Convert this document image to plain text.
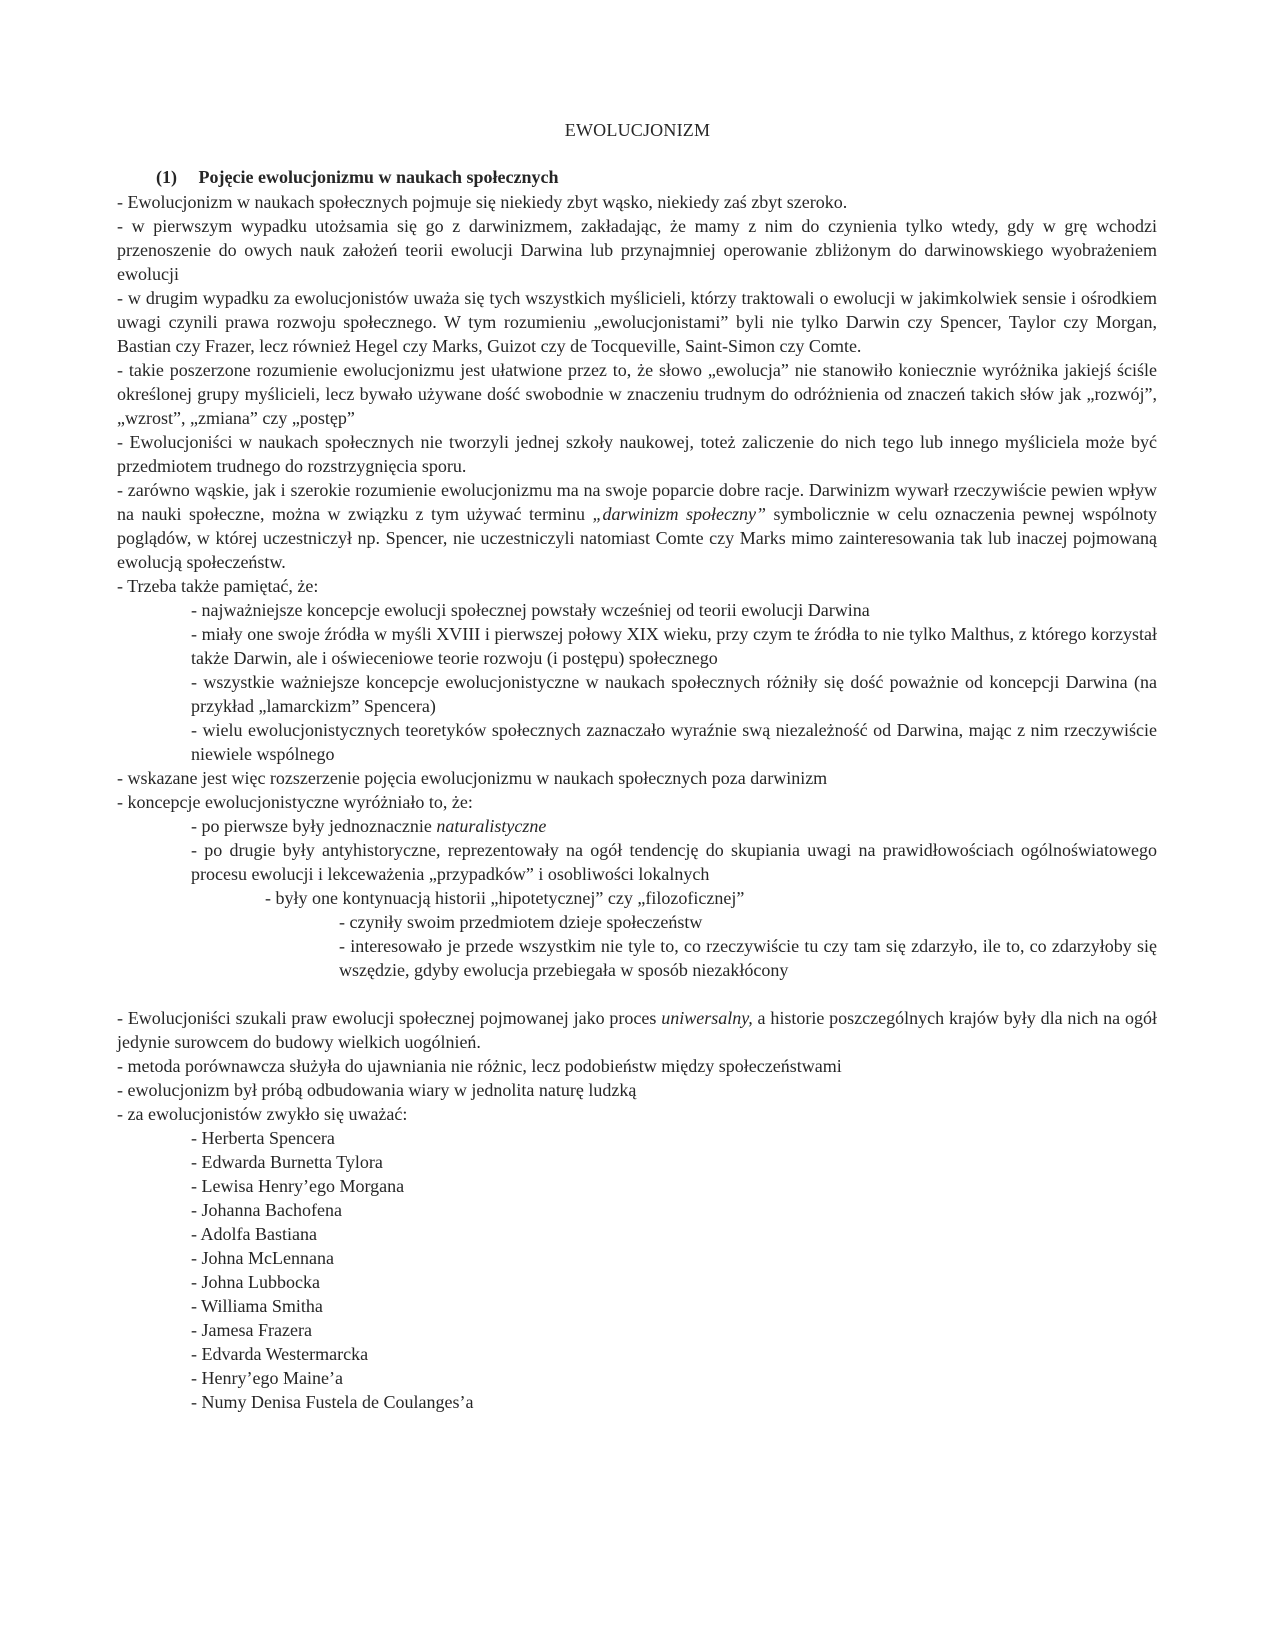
EWOLUCJONIZM
(1) Pojęcie ewolucjonizmu w naukach społecznych

- Ewolucjonizm w naukach społecznych pojmuje się niekiedy zbyt wąsko, niekiedy zaś zbyt szeroko.

- w pierwszym wypadku utożsamia się go z darwinizmem, zakładając, że mamy z nim do czynienia tylko wtedy, gdy w grę wchodzi przenoszenie do owych nauk założeń teorii ewolucji Darwina lub przynajmniej operowanie zbliżonym do darwinowskiego wyobrażeniem ewolucji

- w drugim wypadku za ewolucjonistów uważa się tych wszystkich myślicieli, którzy traktowali o ewolucji w jakimkolwiek sensie i ośrodkiem uwagi czynili prawa rozwoju społecznego. W tym rozumieniu „ewolucjonistami” byli nie tylko Darwin czy Spencer, Taylor czy Morgan, Bastian czy Frazer, lecz również Hegel czy Marks, Guizot czy de Tocqueville, Saint-Simon czy Comte.

- takie poszerzone rozumienie ewolucjonizmu jest ułatwione przez to, że słowo „ewolucja” nie stanowiło koniecznie wyróżnika jakiejś ściśle określonej grupy myślicieli, lecz bywało używane dość swobodnie w znaczeniu trudnym do odróżnienia od znaczeń takich słów jak „rozwój”, „wzrost”, „zmiana” czy „postęp”

- Ewolucjoniści w naukach społecznych nie tworzyli jednej szkoły naukowej, toteż zaliczenie do nich tego lub innego myśliciela może być przedmiotem trudnego do rozstrzygnięcia sporu.

- zarówno wąskie, jak i szerokie rozumienie ewolucjonizmu ma na swoje poparcie dobre racje. Darwinizm wywarł rzeczywiście pewien wpływ na nauki społeczne, można w związku z tym używać terminu „darwinizm społeczny” symbolicznie w celu oznaczenia pewnej wspólnoty poglądów, w której uczestniczył np. Spencer, nie uczestniczyli natomiast Comte czy Marks mimo zainteresowania tak lub inaczej pojmowaną ewolucją społeczeństw.

- Trzeba także pamiętać, że:

- najważniejsze koncepcje ewolucji społecznej powstały wcześniej od teorii ewolucji Darwina

- miały one swoje źródła w myśli XVIII i pierwszej połowy XIX wieku, przy czym te źródła to nie tylko Malthus, z którego korzystał także Darwin, ale i oświeceniowe teorie rozwoju (i postępu) społecznego

- wszystkie ważniejsze koncepcje ewolucjonistyczne w naukach społecznych różniły się dość poważnie od koncepcji Darwina (na przykład „lamarckizm” Spencera)

- wielu ewolucjonistycznych teoretyków społecznych zaznaczało wyraźnie swą niezależność od Darwina, mając z nim rzeczywiście niewiele wspólnego

- wskazane jest więc rozszerzenie pojęcia ewolucjonizmu w naukach społecznych poza darwinizm

- koncepcje ewolucjonistyczne wyróżniało to, że:

- po pierwsze były jednoznacznie naturalistyczne

- po drugie były antyhistoryczne, reprezentowały na ogół tendencję do skupiania uwagi na prawidłowościach ogólnoświatowego procesu ewolucji i lekceważenia „przypadków” i osobliwości lokalnych

- były one kontynuacją historii „hipotetycznej” czy „filozoficznej”

- czyniły swoim przedmiotem dzieje społeczeństw

- interesowało je przede wszystkim nie tyle to, co rzeczywiście tu czy tam się zdarzyło, ile to, co zdarzyłoby się wszędzie, gdyby ewolucja przebiegała w sposób niezakłócony

- Ewolucjoniści szukali praw ewolucji społecznej pojmowanej jako proces uniwersalny, a historie poszczególnych krajów były dla nich na ogół jedynie surowcem do budowy wielkich uogólnień.

- metoda porównawcza służyła do ujawniania nie różnic, lecz podobieństw między społeczeństwami

- ewolucjonizm był próbą odbudowania wiary w jednolita naturę ludzką

- za ewolucjonistów zwykło się uważać:

- Herberta Spencera

- Edwarda Burnetta Tylora

- Lewisa Henry’ego Morgana

- Johanna Bachofena

- Adolfa Bastiana

- Johna McLennana

- Johna Lubbocka

- Williama Smitha

- Jamesa Frazera

- Edvarda Westermarcka

- Henry’ego Maine’a

- Numy Denisa Fustela de Coulanges’a
